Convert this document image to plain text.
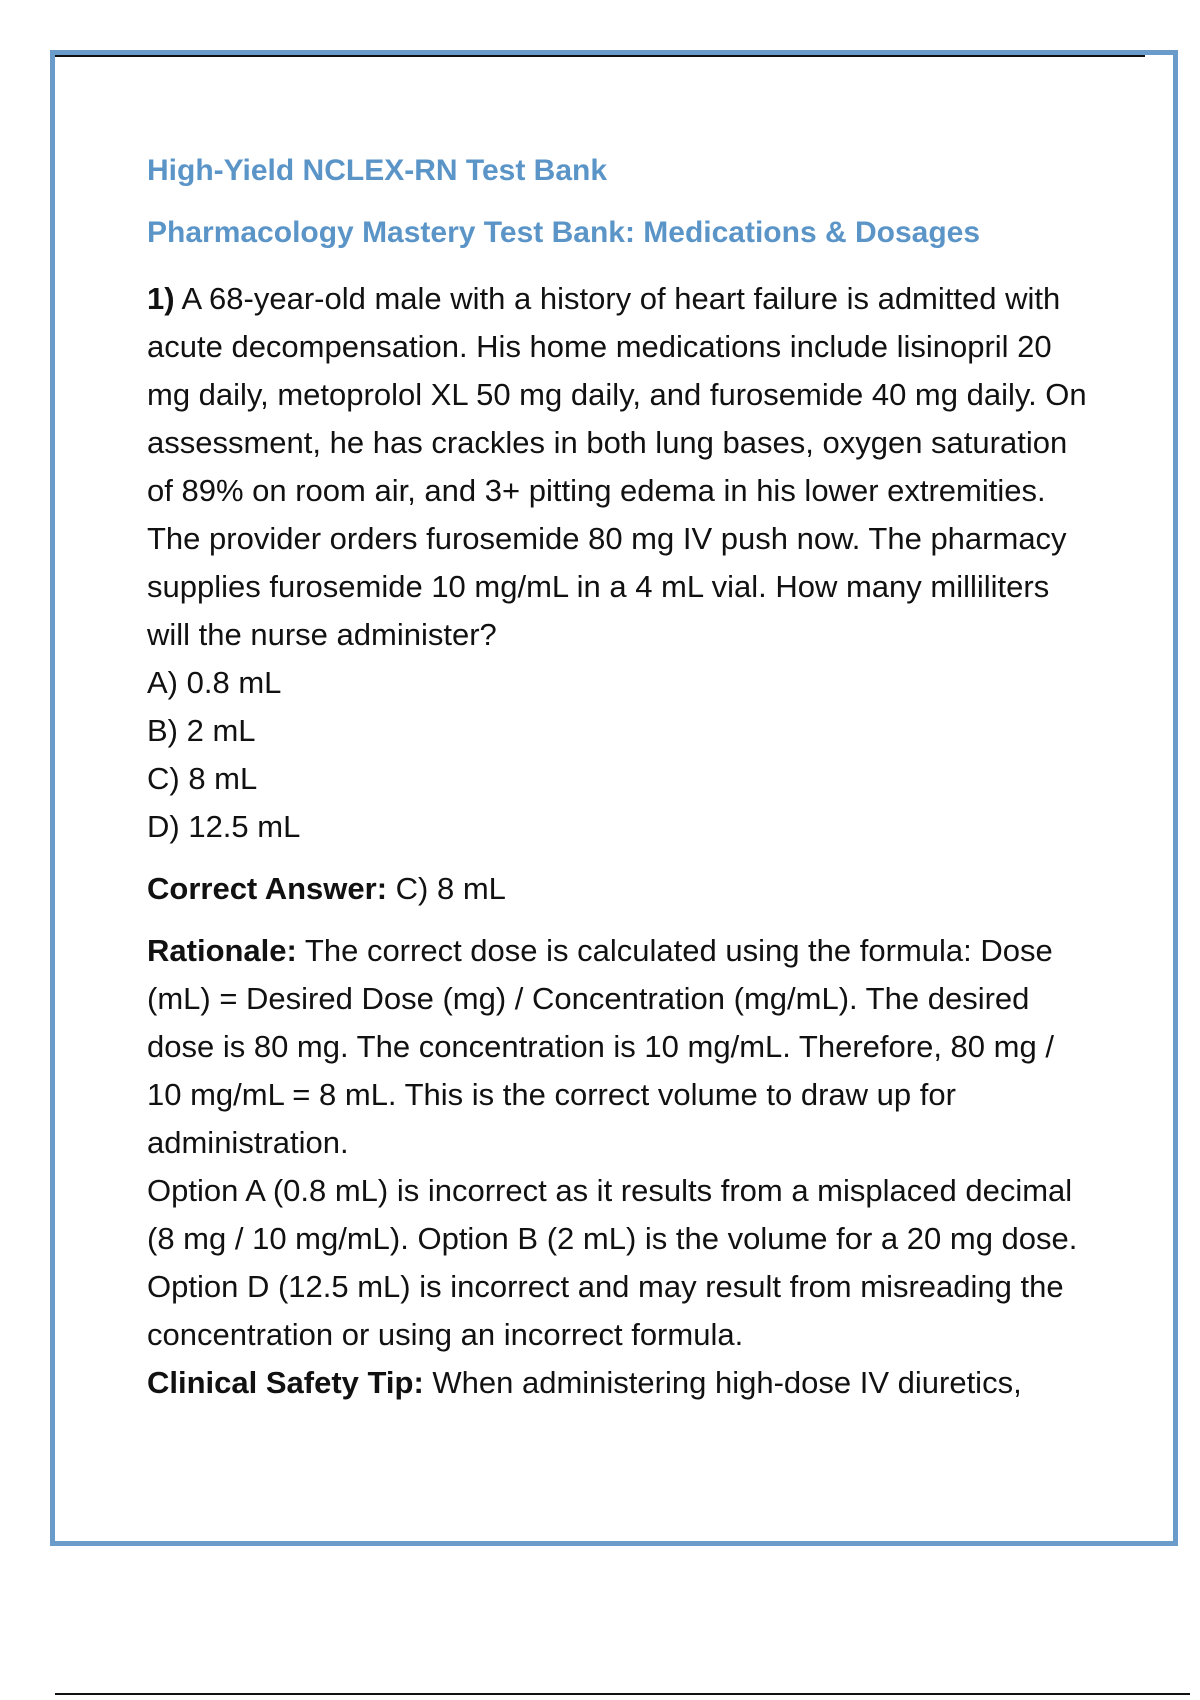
High-Yield NCLEX-RN Test Bank
Pharmacology Mastery Test Bank: Medications & Dosages

1) A 68-year-old male with a history of heart failure is admitted with acute decompensation. His home medications include lisinopril 20 mg daily, metoprolol XL 50 mg daily, and furosemide 40 mg daily. On assessment, he has crackles in both lung bases, oxygen saturation of 89% on room air, and 3+ pitting edema in his lower extremities. The provider orders furosemide 80 mg IV push now. The pharmacy supplies furosemide 10 mg/mL in a 4 mL vial. How many milliliters will the nurse administer?

A) 0.8 mL
B) 2 mL
C) 8 mL
D) 12.5 mL

Correct Answer: C) 8 mL

Rationale: The correct dose is calculated using the formula: Dose (mL) = Desired Dose (mg) / Concentration (mg/mL). The desired dose is 80 mg. The concentration is 10 mg/mL. Therefore, 80 mg / 10 mg/mL = 8 mL. This is the correct volume to draw up for administration.

Option A (0.8 mL) is incorrect as it results from a misplaced decimal (8 mg / 10 mg/mL). Option B (2 mL) is the volume for a 20 mg dose. Option D (12.5 mL) is incorrect and may result from misreading the concentration or using an incorrect formula.

Clinical Safety Tip: When administering high-dose IV diuretics,
